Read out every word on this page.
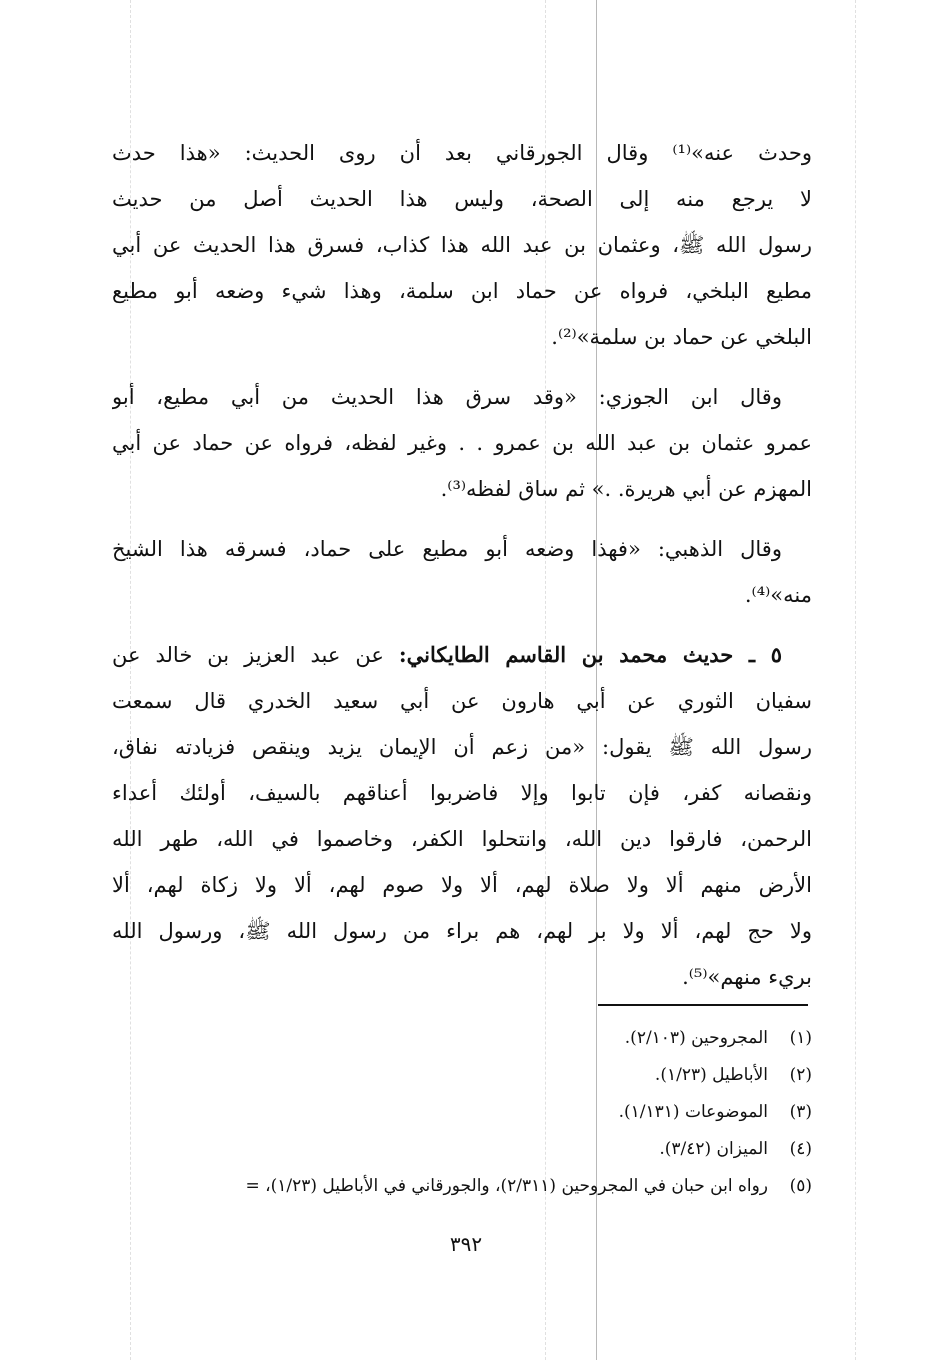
وحدث عنه»⁽¹⁾ وقال الجورقاني بعد أن روى الحديث: «هذا حدث
لا يرجع منه إلى الصحة، وليس هذا الحديث أصل من حديث
رسول الله ﷺ، وعثمان بن عبد الله هذا كذاب، فسرق هذا الحديث عن أبي
مطيع البلخي، فرواه عن حماد ابن سلمة، وهذا شيء وضعه أبو مطيع
البلخي عن حماد بن سلمة»⁽²⁾.

وقال ابن الجوزي: «وقد سرق هذا الحديث من أبي مطيع، أبو
عمرو عثمان بن عبد الله بن عمرو . . وغير لفظه، فرواه عن حماد عن أبي
المهزم عن أبي هريرة. .» ثم ساق لفظه⁽³⁾.

وقال الذهبي: «فهذا وضعه أبو مطيع على حماد، فسرقه هذا الشيخ
منه»⁽⁴⁾.

٥ ـ حديث محمد بن القاسم الطايكاني: عن عبد العزيز بن خالد عن
سفيان الثوري عن أبي هارون عن أبي سعيد الخدري قال سمعت
رسول الله ﷺ يقول: «من زعم أن الإيمان يزيد وينقص فزيادته نفاق،
ونقصانه كفر، فإن تابوا وإلا فاضربوا أعناقهم بالسيف، أولئك أعداء
الرحمن، فارقوا دين الله، وانتحلوا الكفر، وخاصموا في الله، طهر الله
الأرض منهم ألا ولا صلاة لهم، ألا ولا صوم لهم، ألا ولا زكاة لهم، ألا
ولا حج لهم، ألا ولا بر لهم، هم براء من رسول الله ﷺ، ورسول الله
بريء منهم»⁽⁵⁾.

(١)المجروحين (٢/١٠٣).
(٢)الأباطيل (١/٢٣).
(٣)الموضوعات (١/١٣١).
(٤)الميزان (٣/٤٢).
(٥)رواه ابن حبان في المجروحين (٢/٣١١)، والجورقاني في الأباطيل (١/٢٣)، =
٣٩٢
